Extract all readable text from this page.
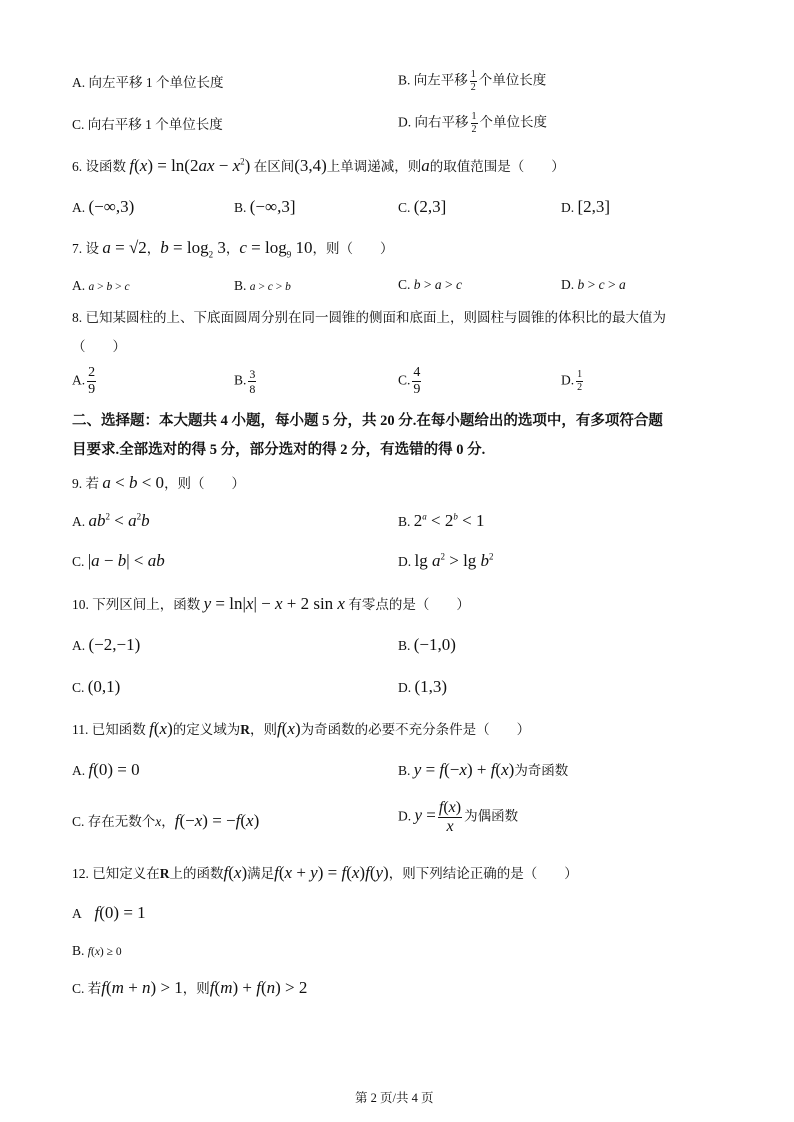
A. 向左平移 1 个单位长度	B. 向左平移 $\frac{1}{2}$ 个单位长度
C. 向右平移 1 个单位长度	D. 向右平移 $\frac{1}{2}$ 个单位长度
6. 设函数 $f(x) = \ln(2ax - x^2)$ 在区间(3,4)上单调递减，则a的取值范围是（　　）
A. (−∞,3)	B. (−∞,3]	C. (2,3]	D. [2,3]
7. 设 a = √2，$b = \log_2 3$，$c = \log_9 10$，则（　　）
A. a > b > c	B. a > c > b	C. b > a > c	D. b > c > a
8. 已知某圆柱的上、下底面圆周分别在同一圆锥的侧面和底面上，则圆柱与圆锥的体积比的最大值为
（　　）
A. $\frac{2}{9}$	B. $\frac{3}{8}$	C. $\frac{4}{9}$	D. $\frac{1}{2}$
二、选择题：本大题共 4 小题，每小题 5 分，共 20 分.在每小题给出的选项中，有多项符合题
目要求.全部选对的得 5 分，部分选对的得 2 分，有选错的得 0 分.
9. 若 a < b < 0，则（　　）
A. $ab^2 < a^2b$	B. $2^a < 2^b < 1$
C. |a − b| < ab	D. $\lg a^2 > \lg b^2$
10. 下列区间上，函数 y = ln|x| − x + 2 sin x 有零点的是（　　）
A. (−2,−1)	B. (−1,0)
C. (0,1)	D. (1,3)
11. 已知函数 f(x)的定义域为R，则f(x)为奇函数的必要不充分条件是（　　）
A. f(0) = 0	B. y = f(−x) + f(x)为奇函数
C. 存在无数个x，f(−x) = −f(x)	D. $y = \frac{f(x)}{x}$ 为偶函数
12. 已知定义在R上的函数f(x)满足f(x + y) = f(x)f(y)，则下列结论正确的是（　　）
A　 f(0) = 1
B. f(x) ≥ 0
C. 若f(m + n) > 1，则f(m) + f(n) > 2
第 2 页/共 4 页
